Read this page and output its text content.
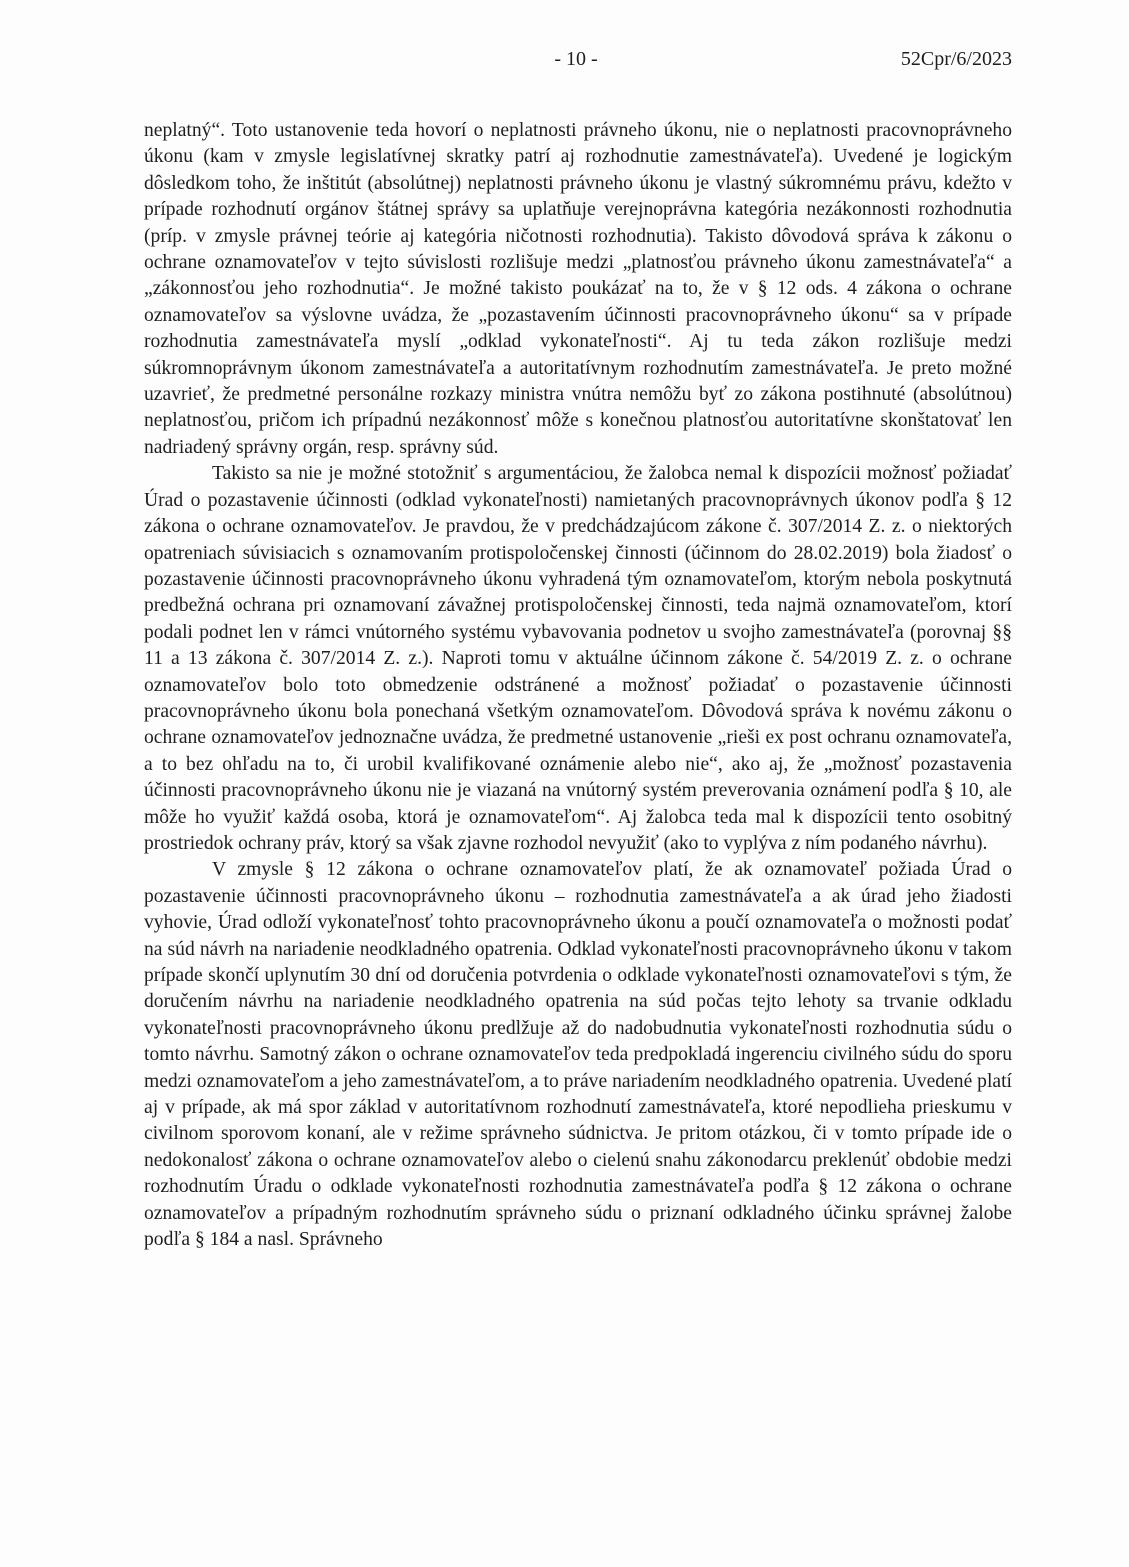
- 10 -	52Cpr/6/2023

neplatný“. Toto ustanovenie teda hovorí o neplatnosti právneho úkonu, nie o neplatnosti pracovnoprávneho úkonu (kam v zmysle legislatívnej skratky patrí aj rozhodnutie zamestnávateľa). Uvedené je logickým dôsledkom toho, že inštitút (absolútnej) neplatnosti právneho úkonu je vlastný súkromnému právu, kdežto v prípade rozhodnutí orgánov štátnej správy sa uplatňuje verejnoprávna kategória nezákonnosti rozhodnutia (príp. v zmysle právnej teórie aj kategória ničotnosti rozhodnutia). Takisto dôvodová správa k zákonu o ochrane oznamovateľov v tejto súvislosti rozlišuje medzi „platnosťou právneho úkonu zamestnávateľa“ a „zákonnosťou jeho rozhodnutia“. Je možné takisto poukázať na to, že v § 12 ods. 4 zákona o ochrane oznamovateľov sa výslovne uvádza, že „pozastavením účinnosti pracovnoprávneho úkonu“ sa v prípade rozhodnutia zamestnávateľa myslí „odklad vykonateľnosti“. Aj tu teda zákon rozlišuje medzi súkromnoprávnym úkonom zamestnávateľa a autoritatívnym rozhodnutím zamestnávateľa. Je preto možné uzavrieť, že predmetné personálne rozkazy ministra vnútra nemôžu byť zo zákona postihnuté (absolútnou) neplatnosťou, pričom ich prípadnú nezákonnosť môže s konečnou platnosťou autoritatívne skonštatovať len nadriadený správny orgán, resp. správny súd.

Takisto sa nie je možné stotožniť s argumentáciou, že žalobca nemal k dispozícii možnosť požiadať Úrad o pozastavenie účinnosti (odklad vykonateľnosti) namietaných pracovnoprávnych úkonov podľa § 12 zákona o ochrane oznamovateľov. Je pravdou, že v predchádzajúcom zákone č. 307/2014 Z. z. o niektorých opatreniach súvisiacich s oznamovaním protispoločenskej činnosti (účinnom do 28.02.2019) bola žiadosť o pozastavenie účinnosti pracovnoprávneho úkonu vyhradená tým oznamovateľom, ktorým nebola poskytnutá predbežná ochrana pri oznamovaní závažnej protispoločenskej činnosti, teda najmä oznamovateľom, ktorí podali podnet len v rámci vnútorného systému vybavovania podnetov u svojho zamestnávateľa (porovnaj §§ 11 a 13 zákona č. 307/2014 Z. z.). Naproti tomu v aktuálne účinnom zákone č. 54/2019 Z. z. o ochrane oznamovateľov bolo toto obmedzenie odstránené a možnosť požiadať o pozastavenie účinnosti pracovnoprávneho úkonu bola ponechaná všetkým oznamovateľom. Dôvodová správa k novému zákonu o ochrane oznamovateľov jednoznačne uvádza, že predmetné ustanovenie „rieši ex post ochranu oznamovateľa, a to bez ohľadu na to, či urobil kvalifikované oznámenie alebo nie“, ako aj, že „možnosť pozastavenia účinnosti pracovnoprávneho úkonu nie je viazaná na vnútorný systém preverovania oznámení podľa § 10, ale môže ho využiť každá osoba, ktorá je oznamovateľom“. Aj žalobca teda mal k dispozícii tento osobitný prostriedok ochrany práv, ktorý sa však zjavne rozhodol nevyužiť (ako to vyplýva z ním podaného návrhu).

V zmysle § 12 zákona o ochrane oznamovateľov platí, že ak oznamovateľ požiada Úrad o pozastavenie účinnosti pracovnoprávneho úkonu – rozhodnutia zamestnávateľa a ak úrad jeho žiadosti vyhovie, Úrad odloží vykonateľnosť tohto pracovnoprávneho úkonu a poučí oznamovateľa o možnosti podať na súd návrh na nariadenie neodkladného opatrenia. Odklad vykonateľnosti pracovnoprávneho úkonu v takom prípade skončí uplynutím 30 dní od doručenia potvrdenia o odklade vykonateľnosti oznamovateľovi s tým, že doručením návrhu na nariadenie neodkladného opatrenia na súd počas tejto lehoty sa trvanie odkladu vykonateľnosti pracovnoprávneho úkonu predlžuje až do nadobudnutia vykonateľnosti rozhodnutia súdu o tomto návrhu. Samotný zákon o ochrane oznamovateľov teda predpokladá ingerenciu civilného súdu do sporu medzi oznamovateľom a jeho zamestnávateľom, a to práve nariadením neodkladného opatrenia. Uvedené platí aj v prípade, ak má spor základ v autoritatívnom rozhodnutí zamestnávateľa, ktoré nepodlieha prieskumu v civilnom sporovom konaní, ale v režime správneho súdnictva. Je pritom otázkou, či v tomto prípade ide o nedokonalosť zákona o ochrane oznamovateľov alebo o cielenú snahu zákonodarcu preklenúť obdobie medzi rozhodnutím Úradu o odklade vykonateľnosti rozhodnutia zamestnávateľa podľa § 12 zákona o ochrane oznamovateľov a prípadným rozhodnutím správneho súdu o priznaní odkladného účinku správnej žalobe podľa § 184 a nasl. Správneho
